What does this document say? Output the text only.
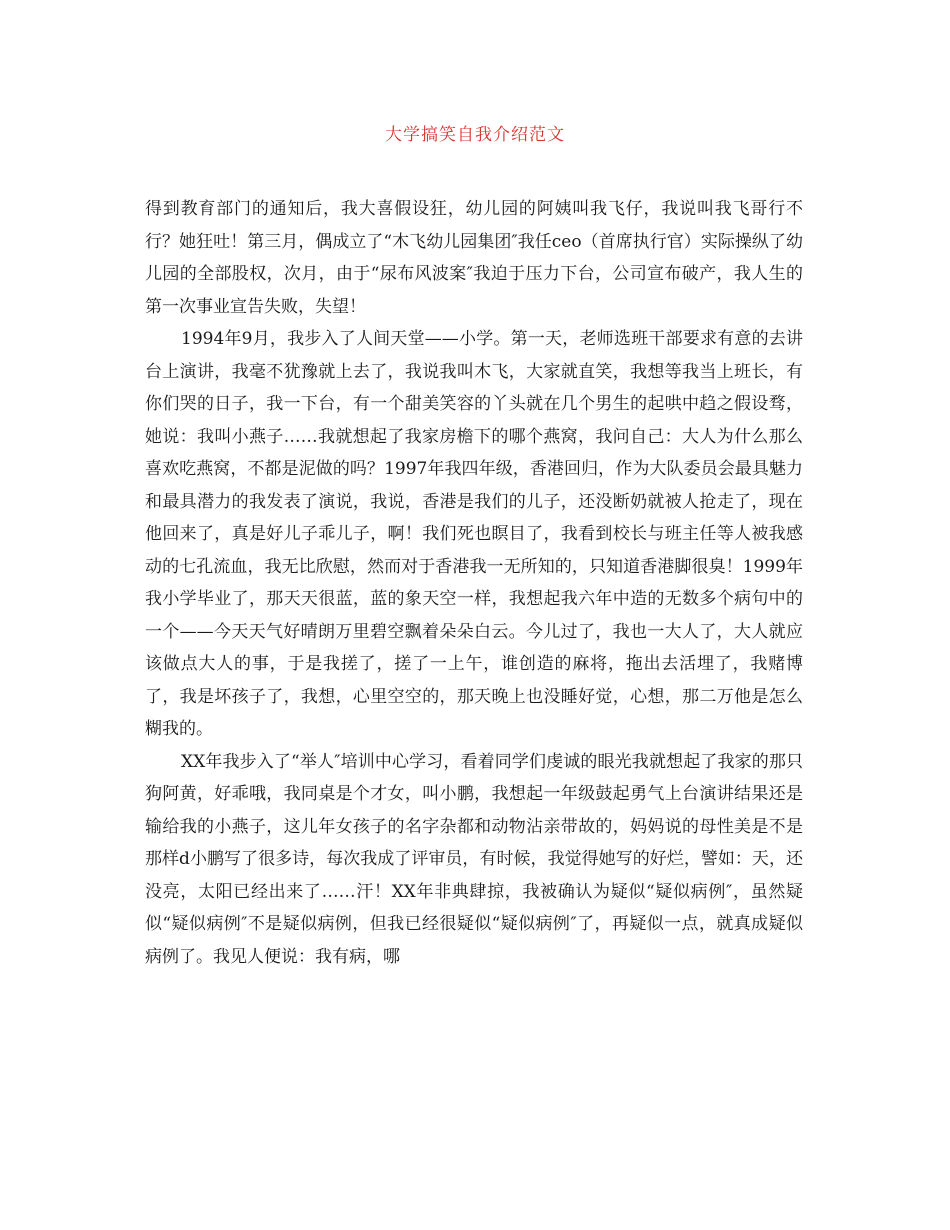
大学搞笑自我介绍范文

得到教育部门的通知后，我大喜假设狂，幼儿园的阿姨叫我飞仔，我说叫我飞哥行不行？她狂吐！第三月，偶成立了“木飞幼儿园集团″我任ceo（首席执行官）实际操纵了幼儿园的全部股权，次月，由于“尿布风波案″我迫于压力下台，公司宣布破产，我人生的第一次事业宣告失败，失望！

1994年9月，我步入了人间天堂——小学。第一天，老师选班干部要求有意的去讲台上演讲，我毫不犹豫就上去了，我说我叫木飞，大家就直笑，我想等我当上班长，有你们哭的日子，我一下台，有一个甜美笑容的丫头就在几个男生的起哄中趋之假设骛，她说：我叫小燕子……我就想起了我家房檐下的哪个燕窝，我问自己：大人为什么那么喜欢吃燕窝，不都是泥做的吗？1997年我四年级，香港回归，作为大队委员会最具魅力和最具潜力的我发表了演说，我说，香港是我们的儿子，还没断奶就被人抢走了，现在他回来了，真是好儿子乖儿子，啊！我们死也瞑目了，我看到校长与班主任等人被我感动的七孔流血，我无比欣慰，然而对于香港我一无所知的，只知道香港脚很臭！1999年我小学毕业了，那天天很蓝，蓝的象天空一样，我想起我六年中造的无数多个病句中的一个——今天天气好晴朗万里碧空飘着朵朵白云。今儿过了，我也一大人了，大人就应该做点大人的事，于是我搓了，搓了一上午，谁创造的麻将，拖出去活埋了，我赌博了，我是坏孩子了，我想，心里空空的，那天晚上也没睡好觉，心想，那二万他是怎么糊我的。

XX年我步入了“举人″培训中心学习，看着同学们虔诚的眼光我就想起了我家的那只狗阿黄，好乖哦，我同桌是个才女，叫小鹏，我想起一年级鼓起勇气上台演讲结果还是输给我的小燕子，这儿年女孩子的名字杂都和动物沾亲带故的，妈妈说的母性美是不是那样d小鹏写了很多诗，每次我成了评审员，有时候，我觉得她写的好烂，譬如：天，还没亮，太阳已经出来了……汗！XX年非典肆掠，我被确认为疑似“疑似病例″，虽然疑似“疑似病例″不是疑似病例，但我已经很疑似“疑似病例″了，再疑似一点，就真成疑似病例了。我见人便说：我有病，哪
